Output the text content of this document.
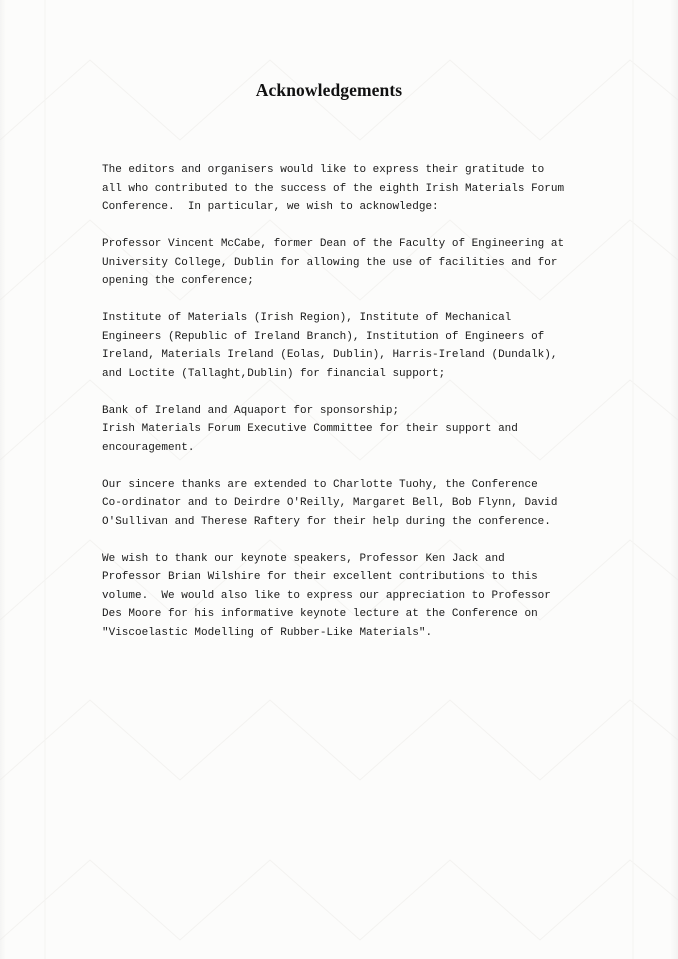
Acknowledgements

The editors and organisers would like to express their gratitude to
all who contributed to the success of the eighth Irish Materials Forum
Conference.  In particular, we wish to acknowledge:

Professor Vincent McCabe, former Dean of the Faculty of Engineering at
University College, Dublin for allowing the use of facilities and for
opening the conference;

Institute of Materials (Irish Region), Institute of Mechanical
Engineers (Republic of Ireland Branch), Institution of Engineers of
Ireland, Materials Ireland (Eolas, Dublin), Harris-Ireland (Dundalk),
and Loctite (Tallaght,Dublin) for financial support;

Bank of Ireland and Aquaport for sponsorship;
Irish Materials Forum Executive Committee for their support and
encouragement.

Our sincere thanks are extended to Charlotte Tuohy, the Conference
Co-ordinator and to Deirdre O'Reilly, Margaret Bell, Bob Flynn, David
O'Sullivan and Therese Raftery for their help during the conference.

We wish to thank our keynote speakers, Professor Ken Jack and
Professor Brian Wilshire for their excellent contributions to this
volume.  We would also like to express our appreciation to Professor
Des Moore for his informative keynote lecture at the Conference on
"Viscoelastic Modelling of Rubber-Like Materials".
